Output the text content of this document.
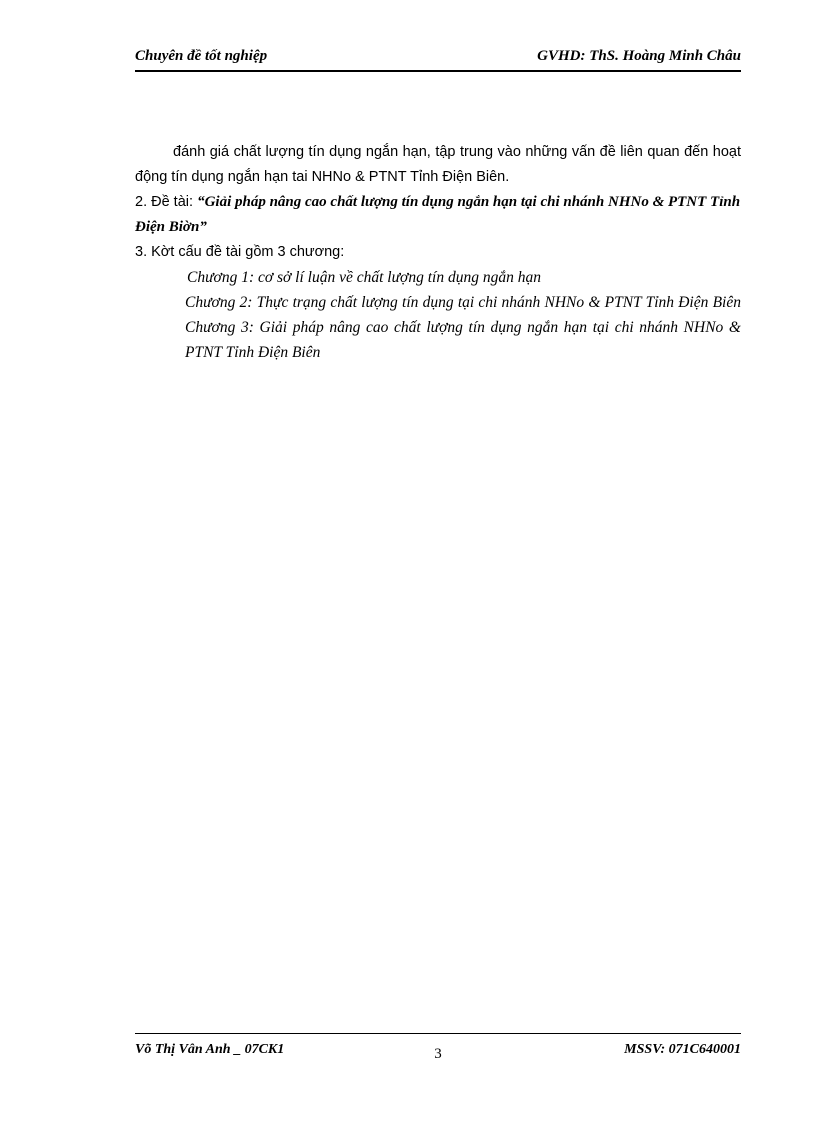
Chuyên đề tốt nghiệp	GVHD: ThS. Hoàng Minh Châu

đánh giá chất lượng tín dụng ngắn hạn, tập trung vào những vấn đề liên quan đến hoạt động tín dụng ngắn hạn tai NHNo & PTNT Tỉnh Điện Biên.

2. Đề tài: “Giải pháp nâng cao chất lượng tín dụng ngắn hạn tại chi nhánh NHNo & PTNT Tỉnh Điện Biờn”

3. Kờt cấu đề tài gồm 3 chương:

Chương 1: cơ sở lí luận về chất lượng tín dụng ngắn hạn

Chương 2: Thực trạng chất lượng tín dụng tại chi nhánh NHNo & PTNT Tỉnh Điện Biên Chương 3: Giải pháp nâng cao chất lượng tín dụng ngắn hạn tại chi nhánh NHNo & PTNT Tỉnh Điện Biên

Võ Thị Vân Anh _ 07CK1	3	MSSV: 071C640001
